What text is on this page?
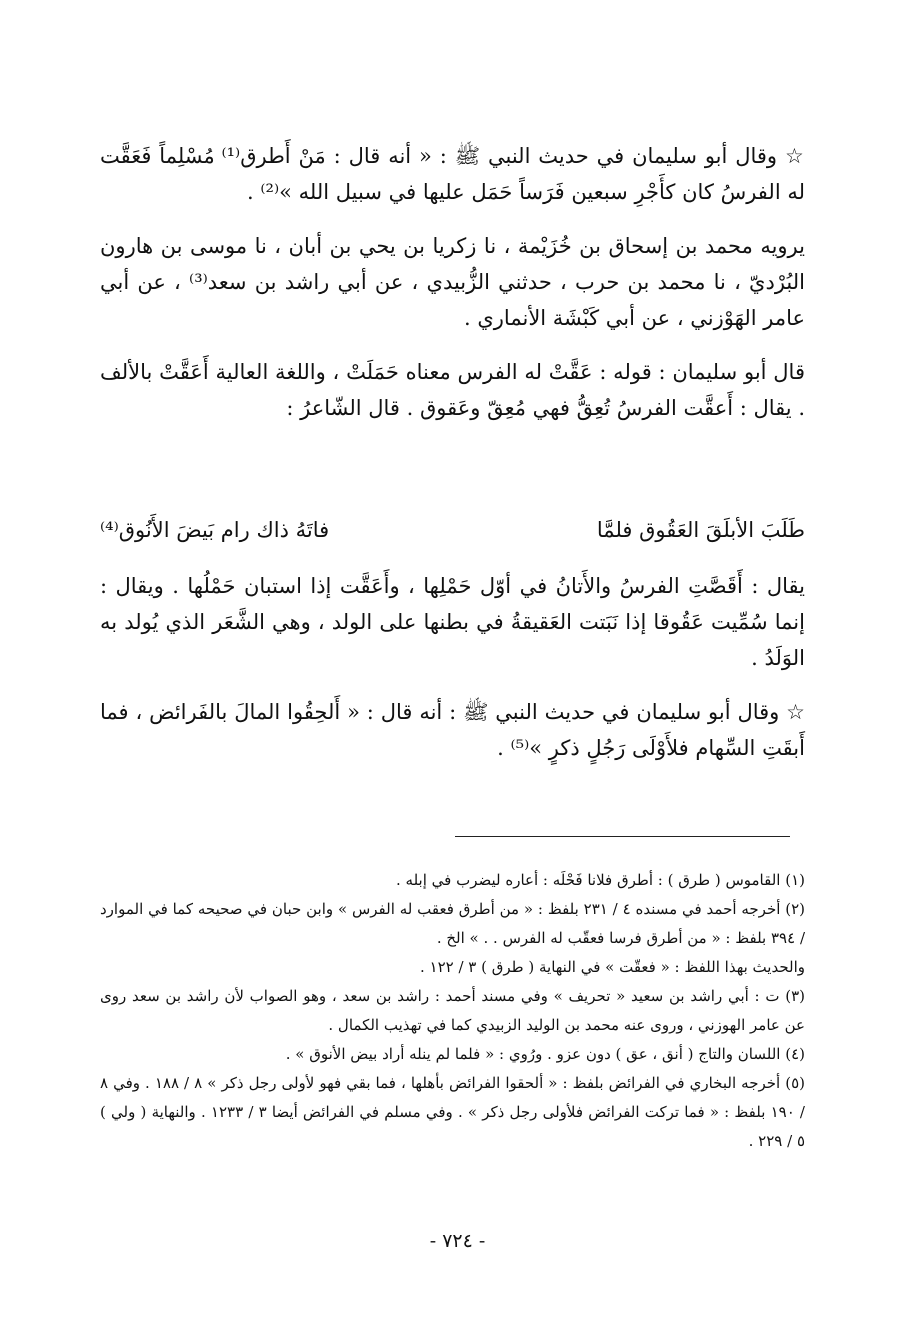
☆ وقال أبو سليمان في حديث النبي ﷺ : « أنه قال : مَنْ أَطرق⁽¹⁾ مُسْلِماً فَعَقَّت له الفرسُ كان كأَجْرِ سبعين فَرَساً حَمَل عليها في سبيل الله »⁽²⁾ .

يرويه محمد بن إسحاق بن خُزَيْمة ، نا زكريا بن يحي بن أبان ، نا موسى بن هارون البُرْديّ ، نا محمد بن حرب ، حدثني الزُّبيدي ، عن أبي راشد بن سعد⁽³⁾ ، عن أبي عامر الهَوْزني ، عن أبي كَبْشَة الأنماري .

قال أبو سليمان : قوله : عَقَّتْ له الفرس معناه حَمَلَتْ ، واللغة العالية أَعَقَّتْ بالألف . يقال : أَعقَّت الفرسُ تُعِقُّ فهي مُعِقّ وعَقوق . قال الشّاعرُ :

طَلَبَ الأبلَقَ العَقُوق فلمَّا
فاتَهُ ذاك رام بَيضَ الأَنُوق⁽⁴⁾

يقال : أَقَصَّتِ الفرسُ والأَتانُ في أوّل حَمْلِها ، وأَعَقَّت إذا استبان حَمْلُها . ويقال : إنما سُمِّيت عَقُوقا إذا نَبَتت العَقيقةُ في بطنها على الولد ، وهي الشَّعَر الذي يُولد به الوَلَدُ .

☆ وقال أبو سليمان في حديث النبي ﷺ : أنه قال : « أَلحِقُوا المالَ بالفَرائض ، فما أَبقَتِ السِّهام فلأَوْلَى رَجُلٍ ذكرٍ »⁽⁵⁾ .

(١) القاموس ( طرق ) : أطرق فلانا فَحْلَه : أعاره ليضرب في إبله .

(٢) أخرجه أحمد في مسنده ٤ / ٢٣١ بلفظ : « من أطرق فعقب له الفرس » وابن حبان في صحيحه كما في الموارد / ٣٩٤ بلفظ : « من أطرق فرسا فعقّب له الفرس . . » الخ .

والحديث بهذا اللفظ : « فعقّت » في النهاية ( طرق ) ٣ / ١٢٢ .

(٣) ت : أبي راشد بن سعيد « تحريف » وفي مسند أحمد : راشد بن سعد ، وهو الصواب لأن راشد بن سعد روى عن عامر الهوزني ، وروى عنه محمد بن الوليد الزبيدي كما في تهذيب الكمال .

(٤) اللسان والتاج ( أنق ، عق ) دون عزو . ورُوي : « فلما لم ينله أراد بيض الأنوق » .

(٥) أخرجه البخاري في الفرائض بلفظ : « ألحقوا الفرائض بأهلها ، فما بقي فهو لأولى رجل ذكر » ٨ / ١٨٨ . وفي ٨ / ١٩٠ بلفظ : « فما تركت الفرائض فلأولى رجل ذكر » . وفي مسلم في الفرائض أيضا ٣ / ١٢٣٣ . والنهاية ( ولي ) ٥ / ٢٢٩ .

- ٧٢٤ -
